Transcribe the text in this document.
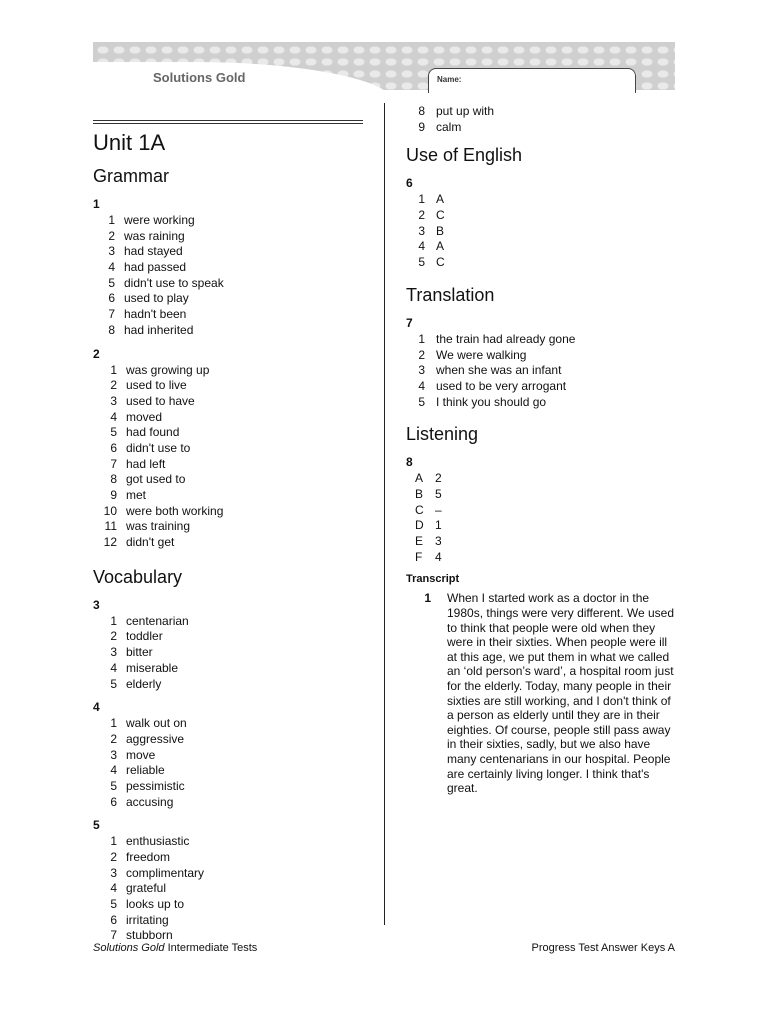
Solutions Gold	Name:
Unit 1A
Grammar
1
1 were working
2 was raining
3 had stayed
4 had passed
5 didn't use to speak
6 used to play
7 hadn't been
8 had inherited
2
1 was growing up
2 used to live
3 used to have
4 moved
5 had found
6 didn't use to
7 had left
8 got used to
9 met
10 were both working
11 was training
12 didn't get
Vocabulary
3
1 centenarian
2 toddler
3 bitter
4 miserable
5 elderly
4
1 walk out on
2 aggressive
3 move
4 reliable
5 pessimistic
6 accusing
5
1 enthusiastic
2 freedom
3 complimentary
4 grateful
5 looks up to
6 irritating
7 stubborn
8 put up with
9 calm
Use of English
6
1 A
2 C
3 B
4 A
5 C
Translation
7
1 the train had already gone
2 We were walking
3 when she was an infant
4 used to be very arrogant
5 I think you should go
Listening
8
A 2
B 5
C –
D 1
E 3
F	4
Transcript
1	When I started work as a doctor in the 1980s, things were very different. We used to think that people were old when they were in their sixties. When people were ill at this age, we put them in what we called an ‘old person’s ward’, a hospital room just for the elderly. Today, many people in their sixties are still working, and I don't think of a person as elderly until they are in their eighties. Of course, people still pass away in their sixties, sadly, but we also have many centenarians in our hospital. People are certainly living longer. I think that's great.
Solutions Gold Intermediate Tests	Progress Test Answer Keys A
